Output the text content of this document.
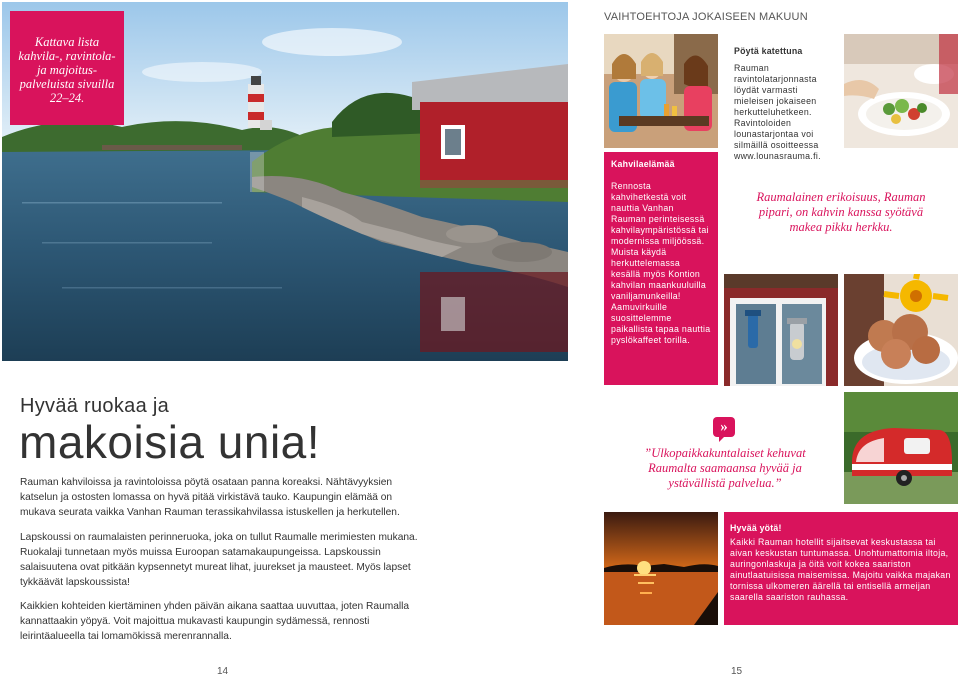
Kattava lista kahvila-, ravintola- ja majoitus-palveluista sivuilla 22–24.
VAIHTOEHTOJA JOKAISEEN MAKUUN
Pöytä katettuna
Rauman ravintolatarjonnasta löydät varmasti mieleisen jokaiseen herkutteluhetkeen. Ravintoloiden lounastarjontaa voi silmäillä osoitteessa www.lounasrauma.fi.
Kahvilaelämää
Rennosta kahvihetkestä voit nauttia Vanhan Rauman perinteisessä kahvilaympäristössä tai modernissa miljöössä. Muista käydä herkuttelemassa kesällä myös Kontion kahvilan maankuuluilla vaniljamunkeilla! Aamuvirkuille suosittelemme paikallista tapaa nauttia pyslökaffeet torilla.
Raumalainen erikoisuus, Rauman pipari, on kahvin kanssa syötävä makea pikku herkku.
Hyvää ruokaa ja
makoisia unia!
Rauman kahviloissa ja ravintoloissa pöytä osataan panna koreaksi. Nähtävyyksien katselun ja ostosten lomassa on hyvä pitää virkistävä tauko. Kaupungin elämää on mukava seurata vaikka Vanhan Rauman terassikahvilassa istuskellen ja herkutellen.
Lapskoussi on raumalaisten perinneruoka, joka on tullut Raumalle merimiesten mukana. Ruokalaji tunnetaan myös muissa Euroopan satamakaupungeissa. Lapskoussin salaisuutena ovat pitkään kypsennetyt mureat lihat, juurekset ja mausteet. Myös lapset tykkäävät lapskoussista!
Kaikkien kohteiden kiertäminen yhden päivän aikana saattaa uuvuttaa, joten Raumalla kannattaakin yöpyä. Voit majoittua mukavasti kaupungin sydämessä, rennosti leirintäalueella tai lomamökissä merenrannalla.
»
”Ulkopaikkakuntalaiset kehuvat Raumalta saamaansa hyvää ja ystävällistä palvelua.”
Hyvää yötä!
Kaikki Rauman hotellit sijaitsevat keskustassa tai aivan keskustan tuntumassa. Unohtumattomia iltoja, auringonlaskuja ja öitä voit kokea saariston ainutlaatuisissa maisemissa. Majoitu vaikka majakan tornissa ulkomeren äärellä tai entisellä armeijan saarella saariston rauhassa.
14	15
